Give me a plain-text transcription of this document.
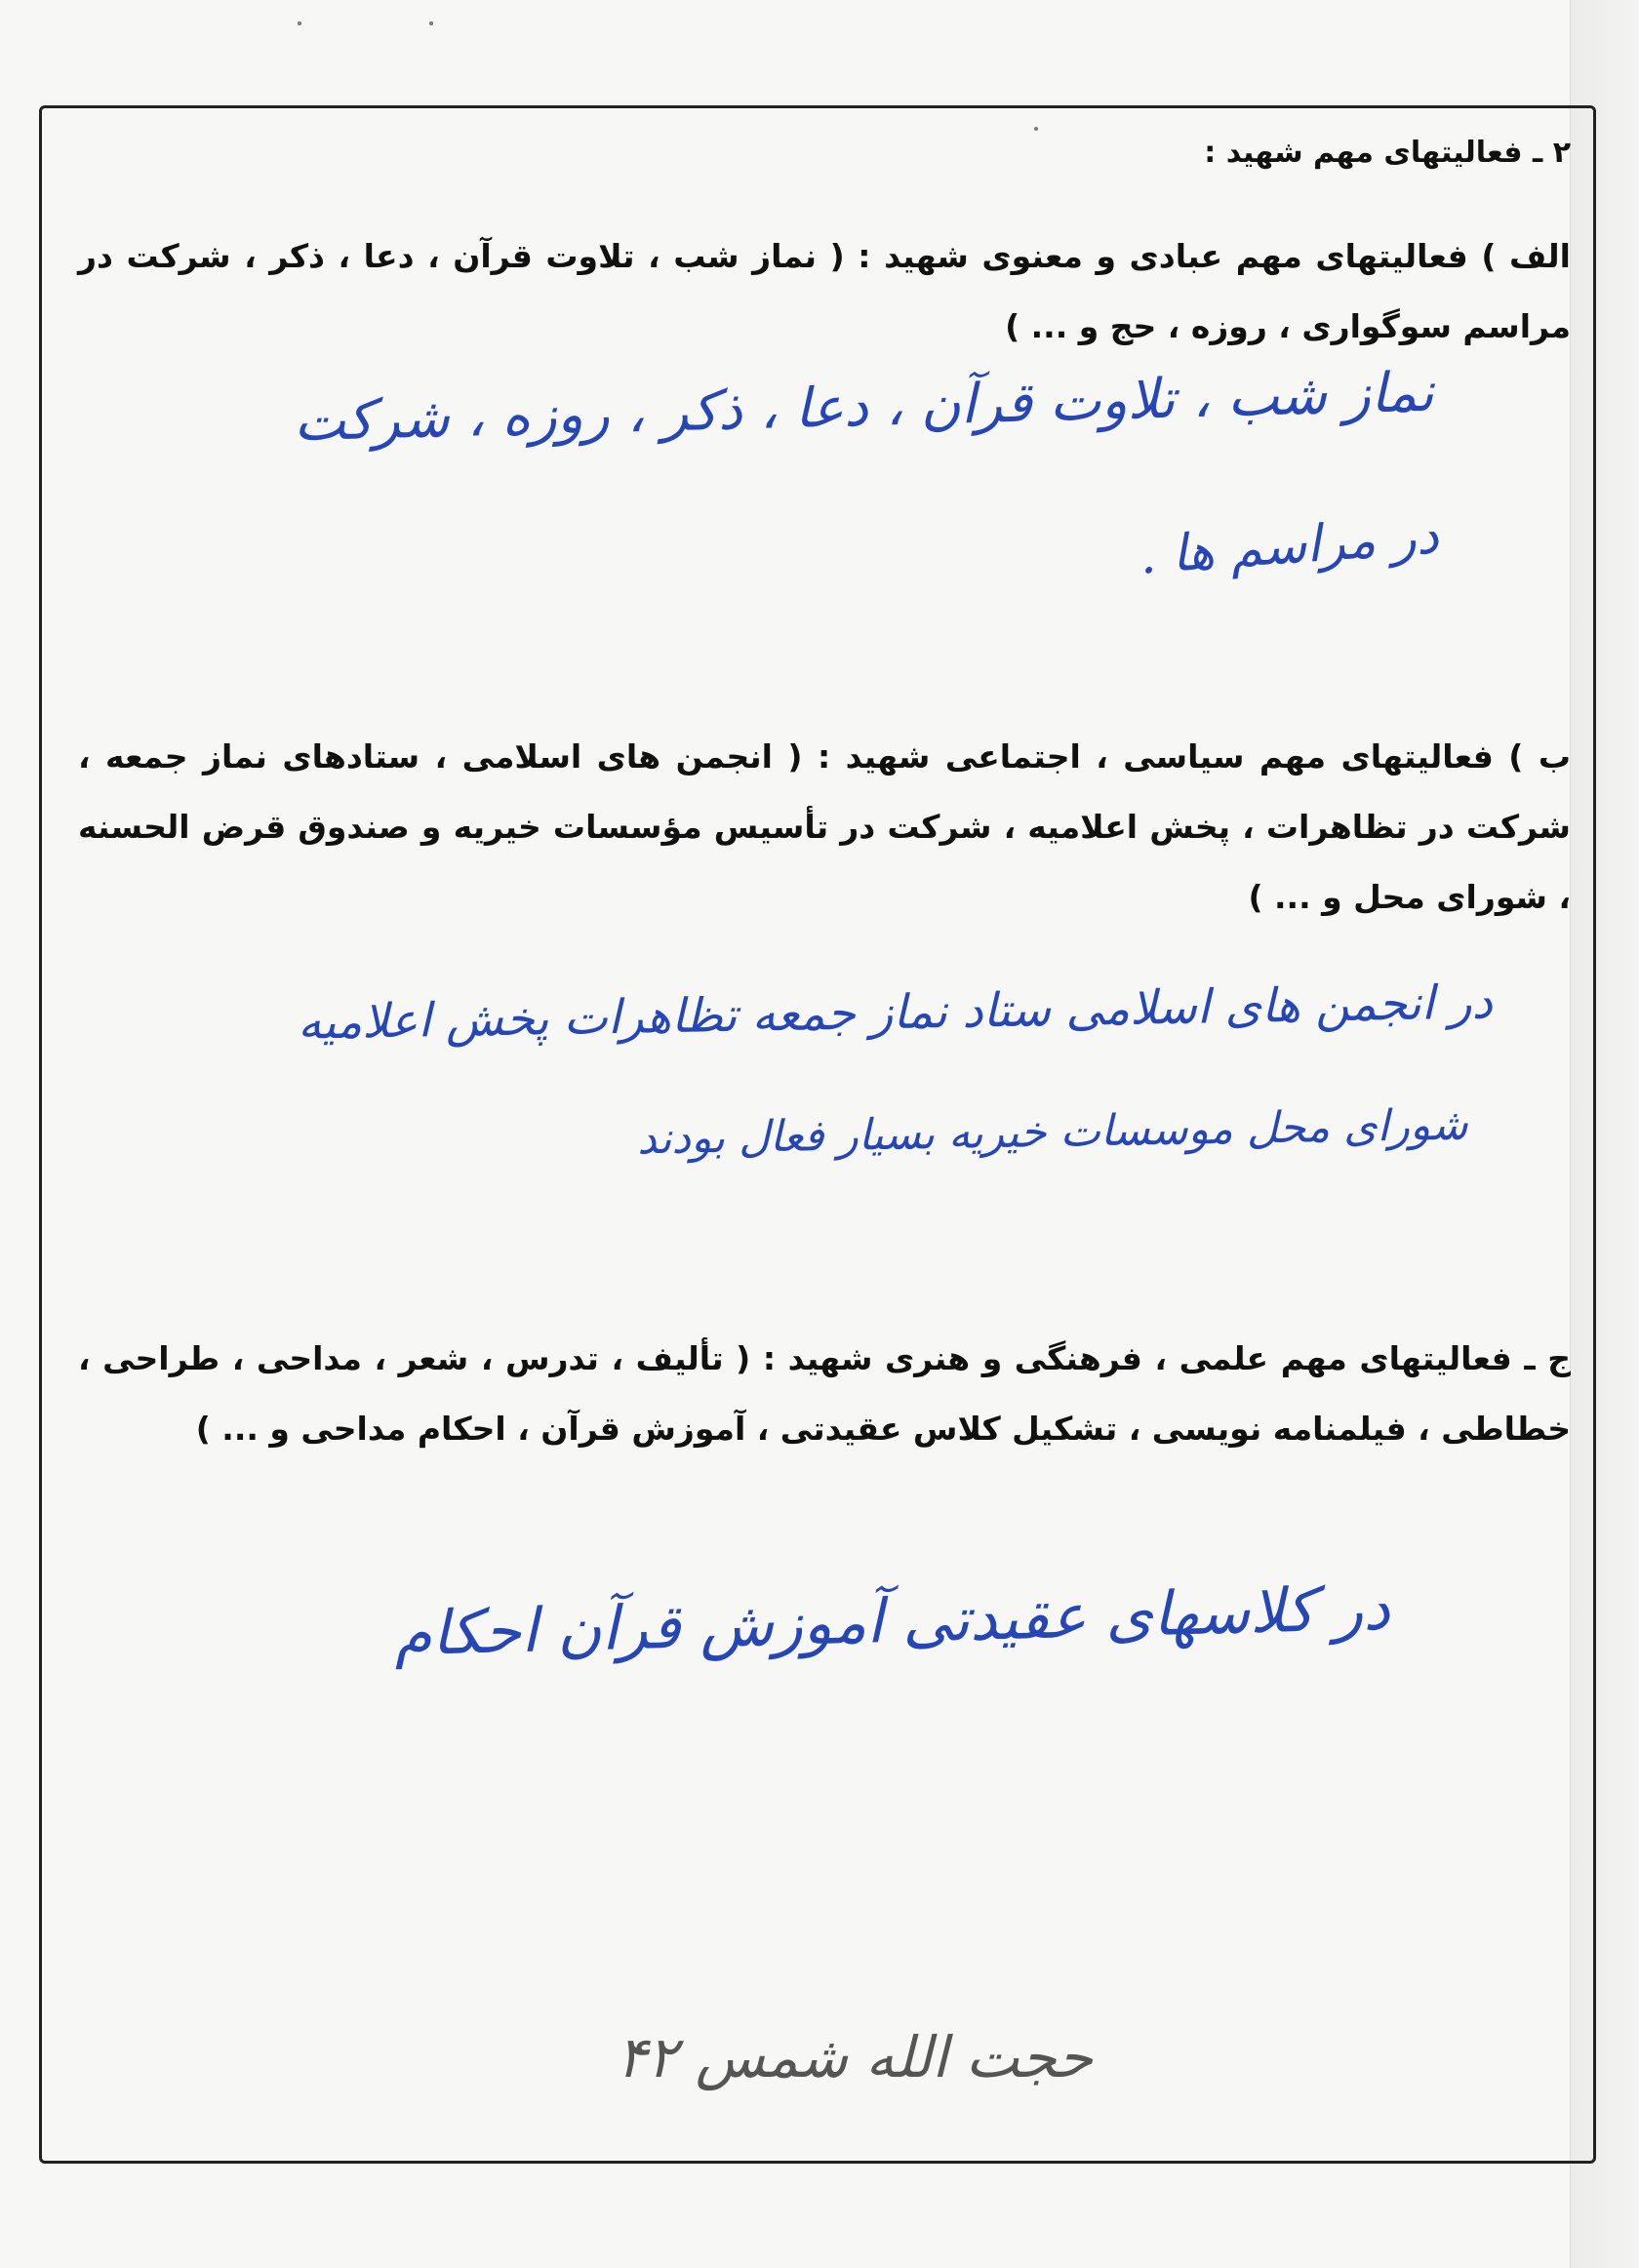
۲ ـ فعالیتهای مهم شهید :
الف ) فعالیتهای مهم عبادی و معنوی شهید : ( نماز شب ، تلاوت قرآن ، دعا ، ذکر ، شرکت در مراسم سوگواری ، روزه ، حج و ... )
ب ) فعالیتهای مهم سیاسی ، اجتماعی شهید : ( انجمن های اسلامی ، ستادهای نماز جمعه ، شرکت در تظاهرات ، پخش اعلامیه ، شرکت در تأسیس مؤسسات خیریه و صندوق قرض الحسنه ، شورای محل و ... )
ج ـ فعالیتهای مهم علمی ، فرهنگی و هنری شهید : ( تألیف ، تدرس ، شعر ، مداحی ، طراحی ، خطاطی ، فیلمنامه نویسی ، تشکیل کلاس عقیدتی ، آموزش قرآن ، احکام مداحی و ... )
نماز شب ، تلاوت قرآن ، دعا ، ذکر ، روزه ، شرکت
در مراسم ها .
در انجمن های اسلامی ستاد نماز جمعه تظاهرات پخش اعلامیه
شورای محل موسسات خیریه بسیار فعال بودند
در کلاسهای عقیدتی آموزش قرآن احکام
حجت الله شمس ۴۲
